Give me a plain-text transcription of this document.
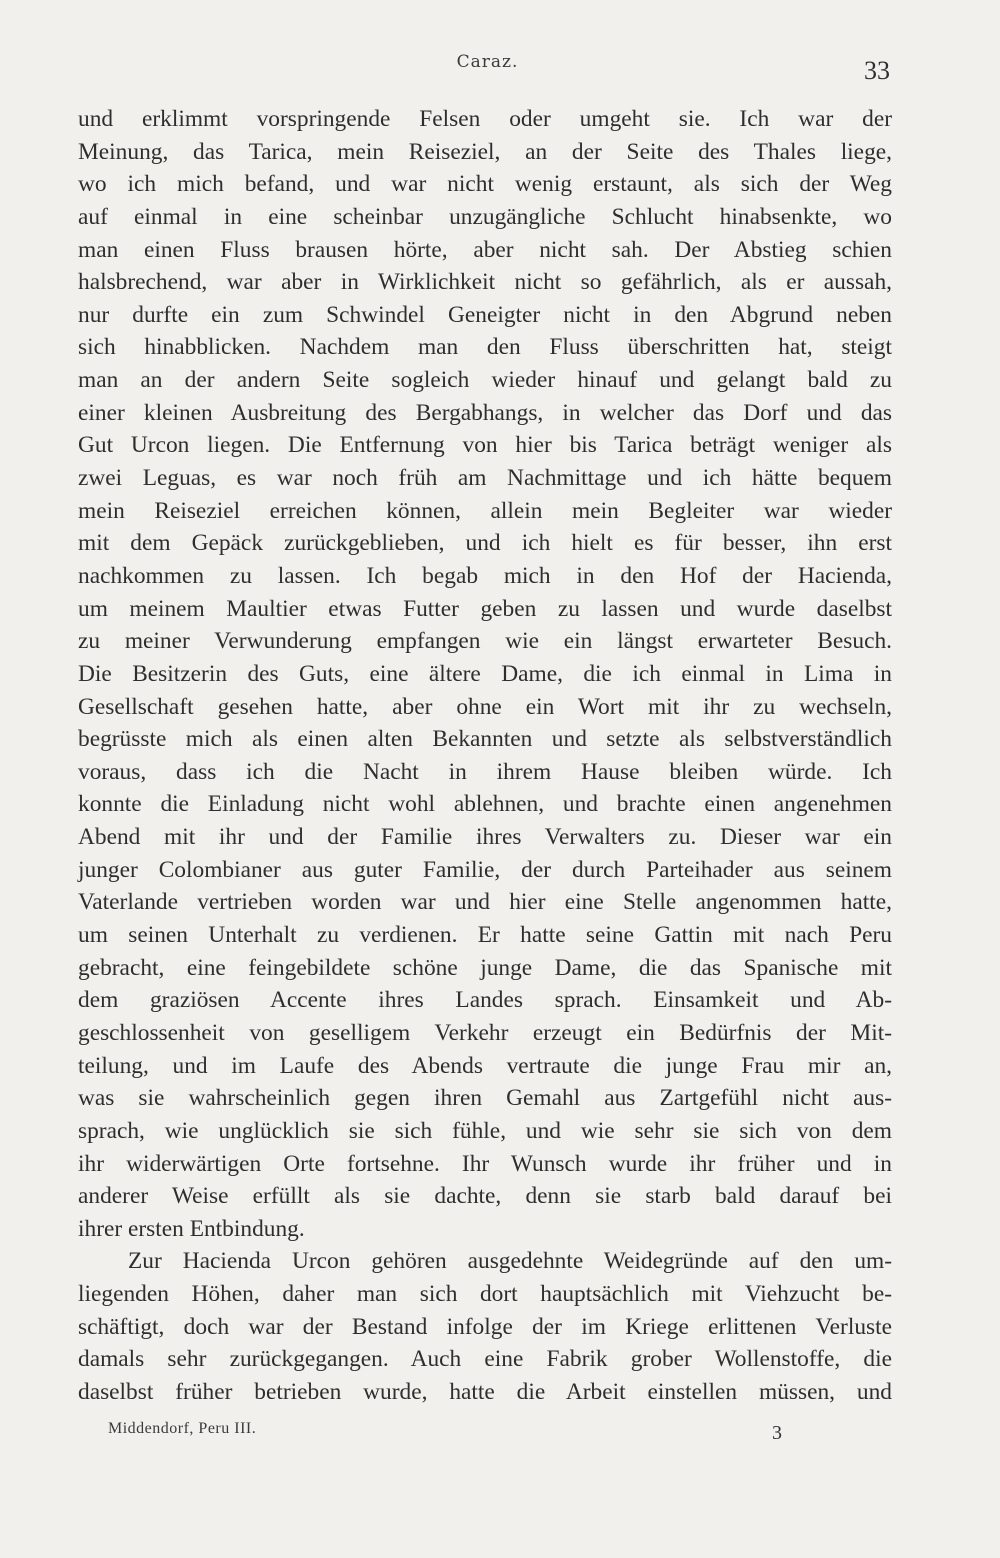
Caraz.	33
und erklimmt vorspringende Felsen oder umgeht sie. Ich war der
Meinung, das Tarica, mein Reiseziel, an der Seite des Thales liege,
wo ich mich befand, und war nicht wenig erstaunt, als sich der Weg
auf einmal in eine scheinbar unzugängliche Schlucht hinabsenkte, wo
man einen Fluss brausen hörte, aber nicht sah. Der Abstieg schien
halsbrechend, war aber in Wirklichkeit nicht so gefährlich, als er aussah,
nur durfte ein zum Schwindel Geneigter nicht in den Abgrund neben
sich hinabblicken. Nachdem man den Fluss überschritten hat, steigt
man an der andern Seite sogleich wieder hinauf und gelangt bald zu
einer kleinen Ausbreitung des Bergabhangs, in welcher das Dorf und das
Gut Urcon liegen. Die Entfernung von hier bis Tarica beträgt weniger als
zwei Leguas, es war noch früh am Nachmittage und ich hätte bequem
mein Reiseziel erreichen können, allein mein Begleiter war wieder
mit dem Gepäck zurückgeblieben, und ich hielt es für besser, ihn erst
nachkommen zu lassen. Ich begab mich in den Hof der Hacienda,
um meinem Maultier etwas Futter geben zu lassen und wurde daselbst
zu meiner Verwunderung empfangen wie ein längst erwarteter Besuch.
Die Besitzerin des Guts, eine ältere Dame, die ich einmal in Lima in
Gesellschaft gesehen hatte, aber ohne ein Wort mit ihr zu wechseln,
begrüsste mich als einen alten Bekannten und setzte als selbstverständlich
voraus, dass ich die Nacht in ihrem Hause bleiben würde. Ich
konnte die Einladung nicht wohl ablehnen, und brachte einen angenehmen
Abend mit ihr und der Familie ihres Verwalters zu. Dieser war ein
junger Colombianer aus guter Familie, der durch Parteihader aus seinem
Vaterlande vertrieben worden war und hier eine Stelle angenommen hatte,
um seinen Unterhalt zu verdienen. Er hatte seine Gattin mit nach Peru
gebracht, eine feingebildete schöne junge Dame, die das Spanische mit
dem graziösen Accente ihres Landes sprach. Einsamkeit und Ab-
geschlossenheit von geselligem Verkehr erzeugt ein Bedürfnis der Mit-
teilung, und im Laufe des Abends vertraute die junge Frau mir an,
was sie wahrscheinlich gegen ihren Gemahl aus Zartgefühl nicht aus-
sprach, wie unglücklich sie sich fühle, und wie sehr sie sich von dem
ihr widerwärtigen Orte fortsehne. Ihr Wunsch wurde ihr früher und in
anderer Weise erfüllt als sie dachte, denn sie starb bald darauf bei
ihrer ersten Entbindung.
Zur Hacienda Urcon gehören ausgedehnte Weidegründe auf den um-
liegenden Höhen, daher man sich dort hauptsächlich mit Viehzucht be-
schäftigt, doch war der Bestand infolge der im Kriege erlittenen Verluste
damals sehr zurückgegangen. Auch eine Fabrik grober Wollenstoffe, die
daselbst früher betrieben wurde, hatte die Arbeit einstellen müssen, und
Middendorf, Peru III.	3
